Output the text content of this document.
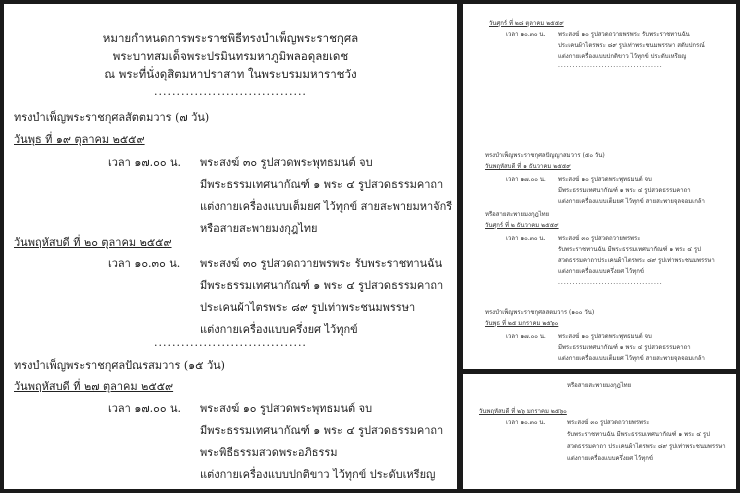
หมายกำหนดการพระราชพิธีทรงบำเพ็ญพระราชกุศล
พระบาทสมเด็จพระปรมินทรมหาภูมิพลอดุลยเดช
ณ พระที่นั่งดุสิตมหาปราสาท ในพระบรมมหาราชวัง
..................................
ทรงบำเพ็ญพระราชกุศลสัตตมวาร (๗ วัน)
วันพุธ ที่ ๑๙ ตุลาคม ๒๕๕๙
เวลา ๑๗.๐๐ น. พระสงฆ์ ๓๐ รูปสวดพระพุทธมนต์ จบ
มีพระธรรมเทศนากัณฑ์ ๑ พระ ๔ รูปสวดธรรมคาถา
แต่งกายเครื่องแบบเต็มยศ ไว้ทุกข์ สายสะพายมหาจักรี
หรือสายสะพายมงกุฎไทย
วันพฤหัสบดี ที่ ๒๐ ตุลาคม ๒๕๕๙
เวลา ๑๐.๓๐ น. พระสงฆ์ ๓๐ รูปสวดถวายพรพระ รับพระราชทานฉัน
มีพระธรรมเทศนากัณฑ์ ๑ พระ ๔ รูปสวดธรรมคาถา
ประเคนผ้าไตรพระ ๘๙ รูปเท่าพระชนมพรรษา
แต่งกายเครื่องแบบครึ่งยศ ไว้ทุกข์
..................................
ทรงบำเพ็ญพระราชกุศลปัณรสมวาร (๑๕ วัน)
วันพฤหัสบดี ที่ ๒๗ ตุลาคม ๒๕๕๙
เวลา ๑๗.๐๐ น. พระสงฆ์ ๑๐ รูปสวดพระพุทธมนต์ จบ
มีพระธรรมเทศนากัณฑ์ ๑ พระ ๔ รูปสวดธรรมคาถา
พระพิธีธรรมสวดพระอภิธรรม
แต่งกายเครื่องแบบปกติขาว ไว้ทุกข์ ประดับเหรียญ
วันศุกร์ ที่ ๒๘ ตุลาคม ๒๕๕๙
เวลา ๑๐.๓๐ น. พระสงฆ์ ๑๐ รูปสวดถวายพรพระ รับพระราชทานฉัน
ประเคนผ้าไตรพระ ๘๙ รูปเท่าพระชนมพรรษา สดับปกรณ์
แต่งกายเครื่องแบบปกติขาว ไว้ทุกข์ ประดับเหรียญ
....................................
ทรงบำเพ็ญพระราชกุศลปัญญาสมวาร (๕๐ วัน)
วันพฤหัสบดี ที่ ๑ ธันวาคม ๒๕๕๙
เวลา ๑๗.๐๐ น. พระสงฆ์ ๑๐ รูปสวดพระพุทธมนต์ จบ
มีพระธรรมเทศนากัณฑ์ ๑ พระ ๔ รูปสวดธรรมคาถา
แต่งกายเครื่องแบบเต็มยศ ไว้ทุกข์ สายสะพายจุลจอมเกล้า
หรือสายสะพายมงกุฎไทย
วันศุกร์ ที่ ๒ ธันวาคม ๒๕๕๙
เวลา ๑๐.๓๐ น. พระสงฆ์ ๓๐ รูปสวดถวายพรพระ
รับพระราชทานฉัน มีพระธรรมเทศนากัณฑ์ ๑ พระ ๔ รูป
สวดธรรมคาถาประเคนผ้าไตรพระ ๘๙ รูปเท่าพระชนมพรรษา
แต่งกายเครื่องแบบครึ่งยศ ไว้ทุกข์
....................................
ทรงบำเพ็ญพระราชกุศลสตมวาร (๑๐๐ วัน)
วันพุธ ที่ ๒๕ มกราคม ๒๕๖๐
เวลา ๑๗.๐๐ น. พระสงฆ์ ๑๐ รูปสวดพระพุทธมนต์ จบ
มีพระธรรมเทศนากัณฑ์ ๑ พระ ๔ รูปสวดธรรมคาถา
แต่งกายเครื่องแบบเต็มยศ ไว้ทุกข์ สายสะพายจุลจอมเกล้า
หรือสายสะพายมงกุฎไทย
วันพฤหัสบดี ที่ ๒๖ มกราคม ๒๕๖๐
เวลา ๑๐.๓๐ น.	พระสงฆ์ ๓๐ รูปสวดถวายพรพระ
รับพระราชทานฉัน มีพระธรรมเทศนากัณฑ์ ๑ พระ ๔ รูป
สวดธรรมคาถา ประเคนผ้าไตรพระ ๘๙ รูปเท่าพระชนมพรรษา
แต่งกายเครื่องแบบครึ่งยศ ไว้ทุกข์
